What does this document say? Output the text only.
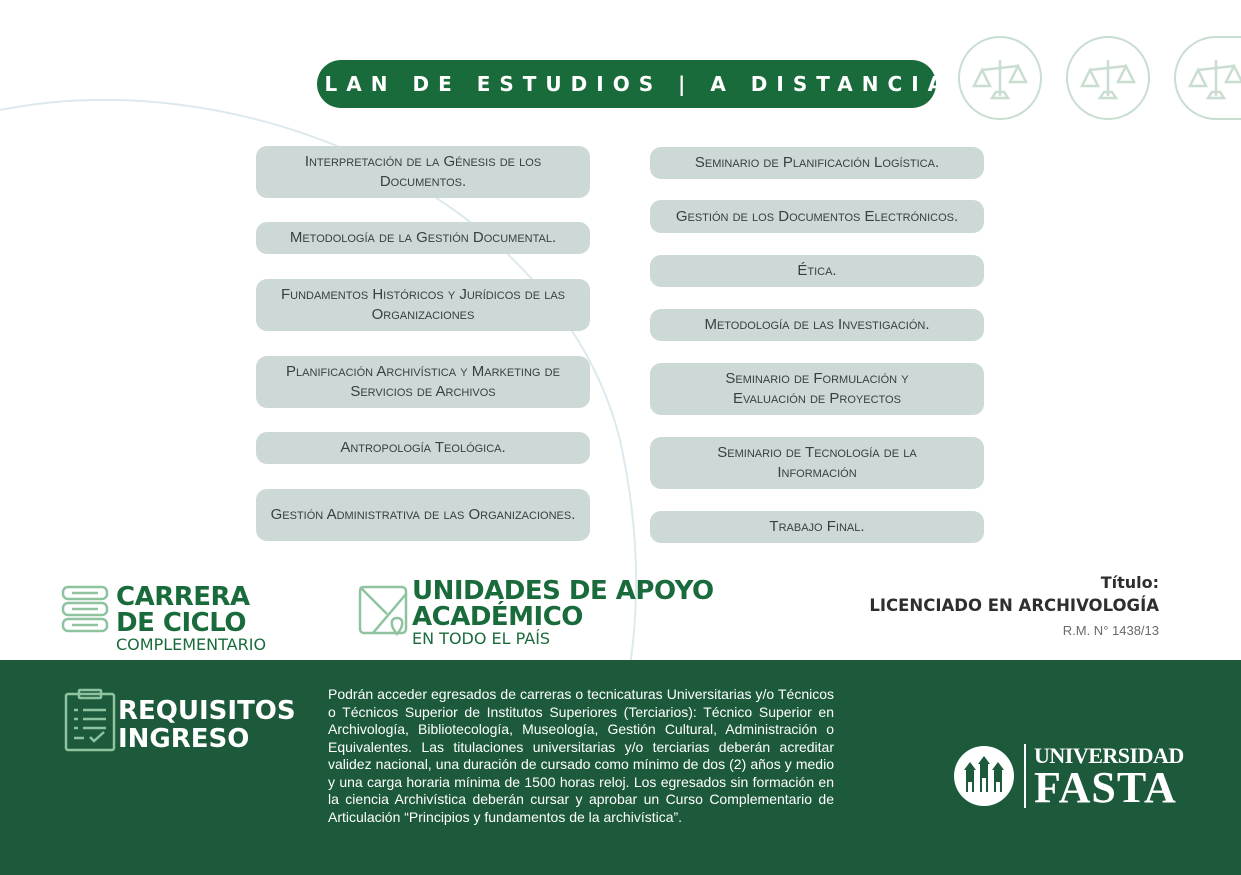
PLAN DE ESTUDIOS | A DISTANCIA
Interpretación de la Génesis de los Documentos.
Metodología de la Gestión Documental.
Fundamentos Históricos y Jurídicos de las Organizaciones
Planificación Archivística y Marketing de Servicios de Archivos
Antropología Teológica.
Gestión Administrativa de las Organizaciones.
Seminario de Planificación Logística.
Gestión de los Documentos Electrónicos.
Ética.
Metodología de las Investigación.
Seminario de Formulación y Evaluación de Proyectos
Seminario de Tecnología de la Información
Trabajo Final.
CARRERA
DE CICLO
COMPLEMENTARIO
UNIDADES DE APOYO
ACADÉMICO
EN TODO EL PAÍS
Título:
LICENCIADO EN ARCHIVOLOGÍA
R.M. N° 1438/13
REQUISITOS
INGRESO
Podrán acceder egresados de carreras o tecnicaturas Universitarias y/o Técnicos o Técnicos Superior de Institutos Superiores (Terciarios): Técnico Superior en Archivología, Bibliotecología, Museología, Gestión Cultural, Administración o Equivalentes. Las titulaciones universitarias y/o terciarias deberán acreditar validez nacional, una duración de cursado como mínimo de dos (2) años y medio y una carga horaria mínima de 1500 horas reloj. Los egresados sin formación en la ciencia Archivística deberán cursar y aprobar un Curso Complementario de Articulación “Principios y fundamentos de la archivística”.
UNIVERSIDAD
FASTA
